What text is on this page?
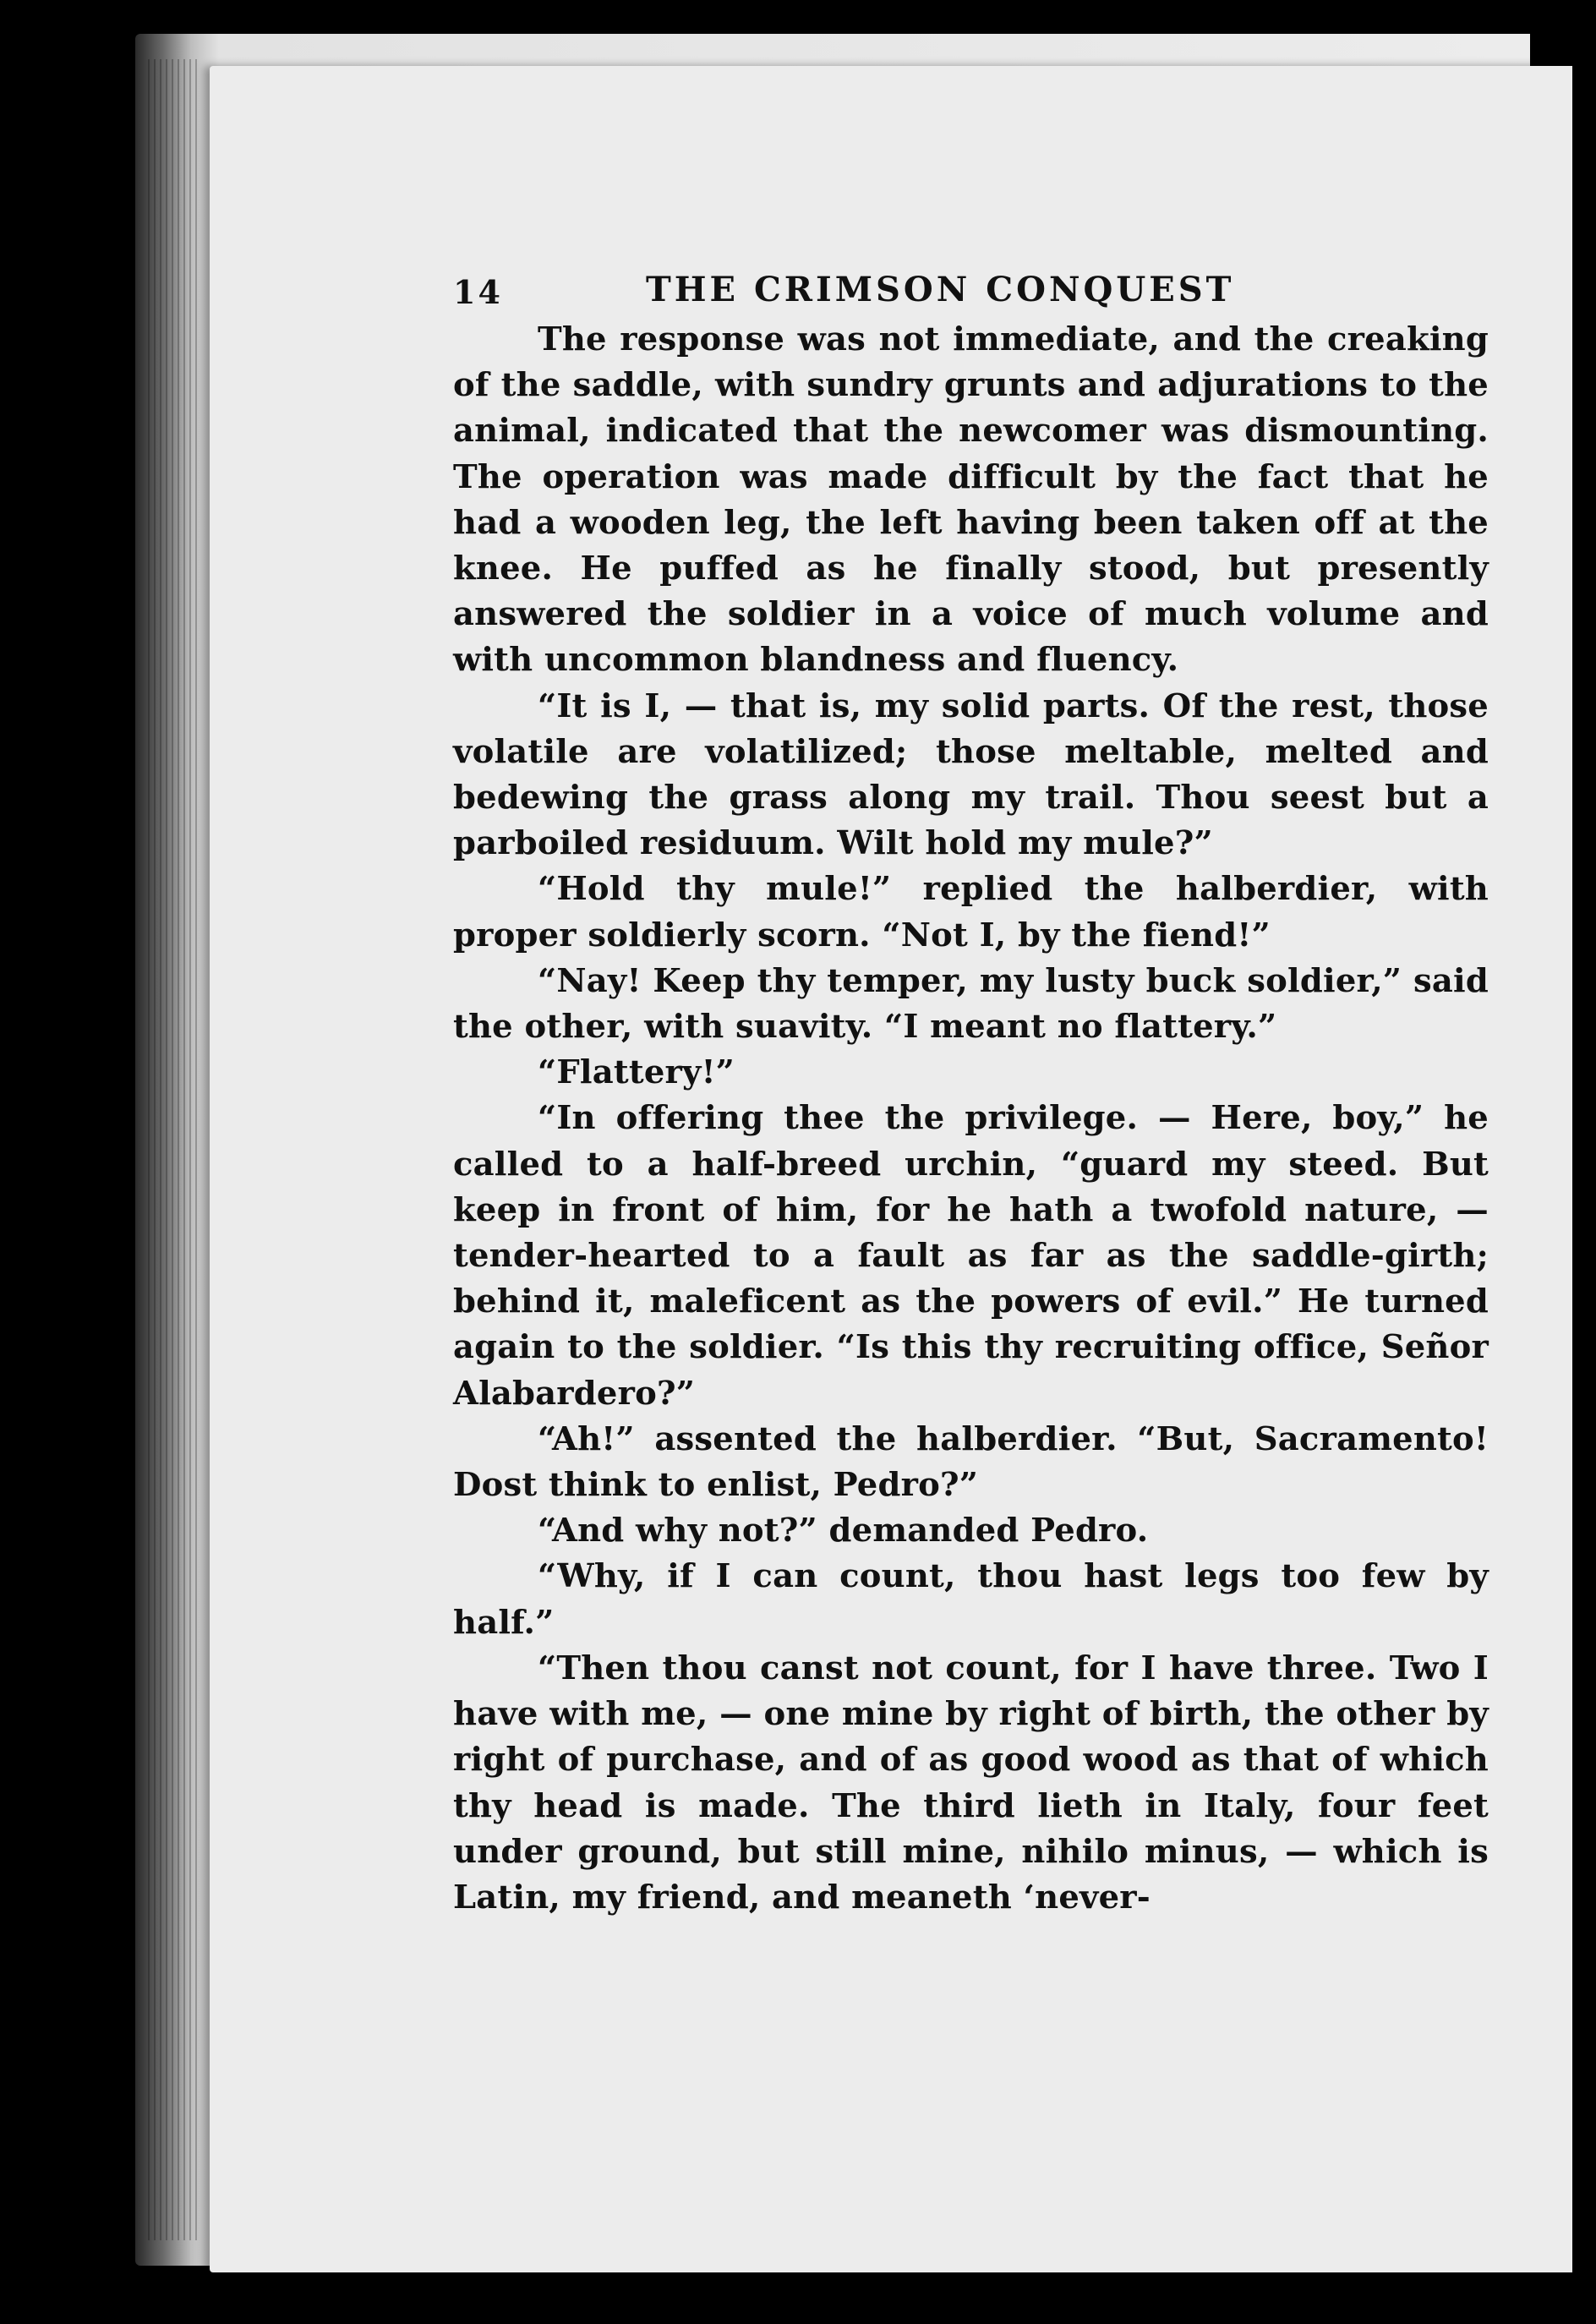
14	THE CRIMSON CONQUEST

The response was not immediate, and the creaking of the saddle, with sundry grunts and adjurations to the animal, indicated that the newcomer was dismounting. The operation was made difficult by the fact that he had a wooden leg, the left having been taken off at the knee. He puffed as he finally stood, but presently answered the soldier in a voice of much volume and with uncommon blandness and fluency.

“It is I, — that is, my solid parts. Of the rest, those volatile are volatilized; those meltable, melted and bedewing the grass along my trail. Thou seest but a parboiled residuum. Wilt hold my mule?”

“Hold thy mule!” replied the halberdier, with proper soldierly scorn. “Not I, by the fiend!”

“Nay! Keep thy temper, my lusty buck soldier,” said the other, with suavity. “I meant no flattery.”

“Flattery!”

“In offering thee the privilege. — Here, boy,” he called to a half-breed urchin, “guard my steed. But keep in front of him, for he hath a twofold nature, — tender-hearted to a fault as far as the saddle-girth; behind it, maleficent as the powers of evil.” He turned again to the soldier. “Is this thy recruiting office, Señor Alabardero?”

“Ah!” assented the halberdier. “But, Sacramento! Dost think to enlist, Pedro?”

“And why not?” demanded Pedro.

“Why, if I can count, thou hast legs too few by half.”

“Then thou canst not count, for I have three. Two I have with me, — one mine by right of birth, the other by right of purchase, and of as good wood as that of which thy head is made. The third lieth in Italy, four feet under ground, but still mine, nihilo minus, — which is Latin, my friend, and meaneth ‘never-
